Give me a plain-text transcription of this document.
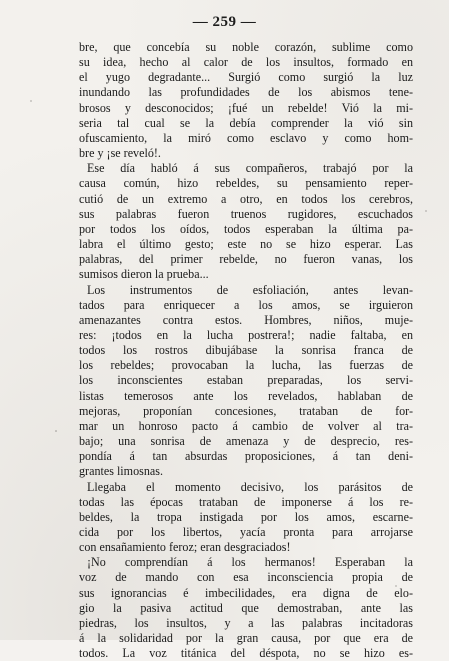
— 259 —
bre, que concebía su noble corazón, sublime como
su idea, hecho al calor de los insultos, formado en
el yugo degradante... Surgió como surgió la luz
inundando las profundidades de los abismos tene-
brosos y desconocidos; ¡fué un rebelde! Vió la mi-
seria tal cual se la debía comprender la vió sin
ofuscamiento, la miró como esclavo y como hom-
bre y ¡se reveló!.
Ese día habló á sus compañeros, trabajó por la
causa común, hizo rebeldes, su pensamiento reper-
cutió de un extremo a otro, en todos los cerebros,
sus palabras fueron truenos rugidores, escuchados
por todos los oídos, todos esperaban la última pa-
labra el último gesto; este no se hizo esperar. Las
palabras, del primer rebelde, no fueron vanas, los
sumisos dieron la prueba...
Los instrumentos de esfoliación, antes levan-
tados para enriquecer a los amos, se irguieron
amenazantes contra estos. Hombres, niños, muje-
res: ¡todos en la lucha postrera!; nadie faltaba, en
todos los rostros dibujábase la sonrisa franca de
los rebeldes; provocaban la lucha, las fuerzas de
los inconscientes estaban preparadas, los servi-
listas temerosos ante los revelados, hablaban de
mejoras, proponían concesiones, trataban de for-
mar un honroso pacto á cambio de volver al tra-
bajo; una sonrisa de amenaza y de desprecio, res-
pondía á tan absurdas proposiciones, á tan deni-
grantes limosnas.
Llegaba el momento decisivo, los parásitos de
todas las épocas trataban de imponerse á los re-
beldes, la tropa instigada por los amos, escarne-
cida por los libertos, yacía pronta para arrojarse
con ensañamiento feroz; eran desgraciados!
¡No comprendían á los hermanos! Esperaban la
voz de mando con esa inconsciencia propia de
sus ignorancias é imbecilidades, era digna de elo-
gio la pasiva actitud que demostraban, ante las
piedras, los insultos, y a las palabras incitadoras
á la solidaridad por la gran causa, por que era de
todos. La voz titánica del déspota, no se hizo es-
